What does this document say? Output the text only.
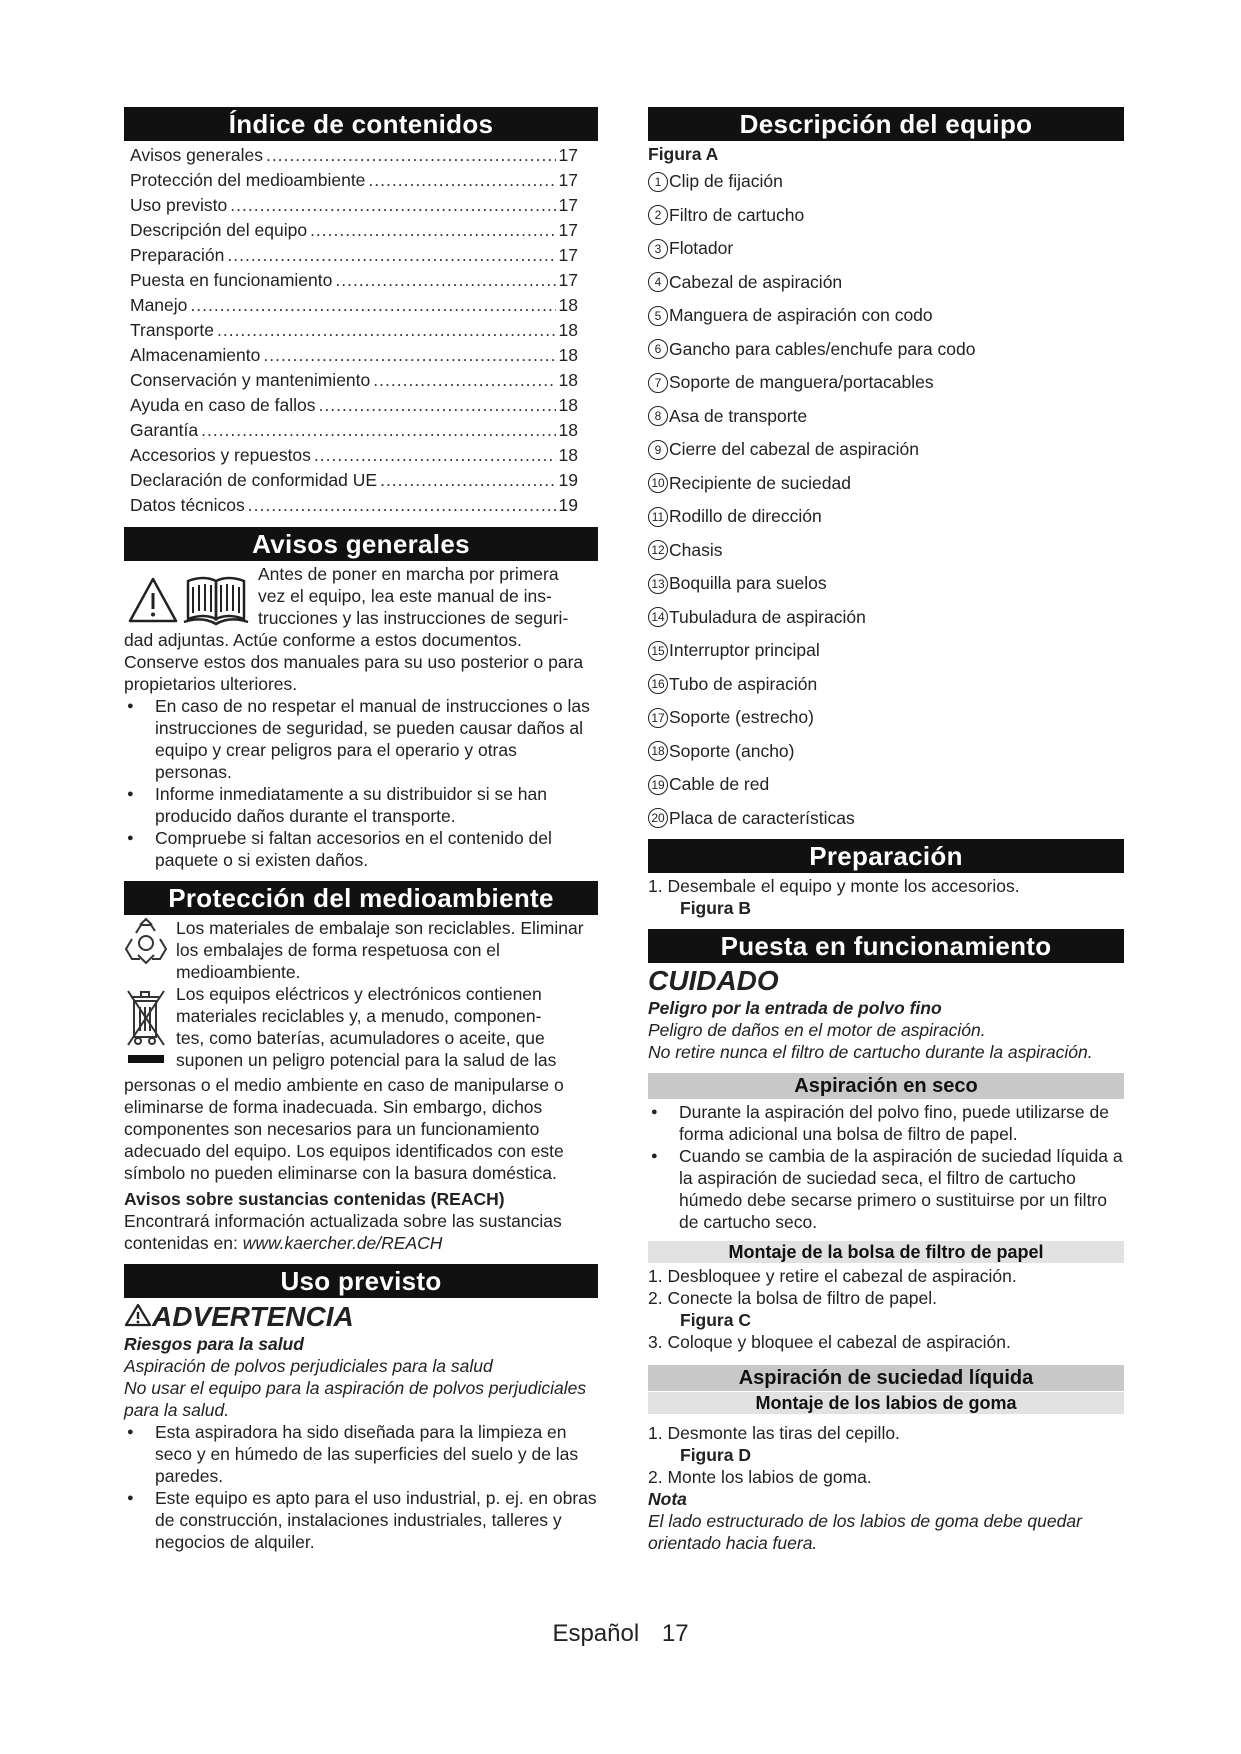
Índice de contenidos
Avisos generales .....	17
Protección del medioambiente .....	17
Uso previsto .....	17
Descripción del equipo .....	17
Preparación .....	17
Puesta en funcionamiento .....	17
Manejo .....	18
Transporte .....	18
Almacenamiento .....	18
Conservación y mantenimiento .....	18
Ayuda en caso de fallos .....	18
Garantía .....	18
Accesorios y repuestos .....	18
Declaración de conformidad UE .....	19
Datos técnicos .....	19
Avisos generales

Antes de poner en marcha por primera

vez el equipo, lea este manual de ins-

trucciones y las instrucciones de seguri-

dad adjuntas. Actúe conforme a estos documentos. Conserve estos dos manuales para su uso posterior o para propietarios ulteriores.

● En caso de no respetar el manual de instrucciones o las instrucciones de seguridad, se pueden causar daños al equipo y crear peligros para el operario y otras personas.
● Informe inmediatamente a su distribuidor si se han producido daños durante el transporte.
● Compruebe si faltan accesorios en el contenido del paquete o si existen daños.
Protección del medioambiente

Los materiales de embalaje son reciclables. Eliminar los embalajes de forma respetuosa con el medioambiente.

Los equipos eléctricos y electrónicos contienen

materiales reciclables y, a menudo, componen-

tes, como baterías, acumuladores o aceite, que

suponen un peligro potencial para la salud de las

personas o el medio ambiente en caso de manipularse o eliminarse de forma inadecuada. Sin embargo, dichos componentes son necesarios para un funcionamiento adecuado del equipo. Los equipos identificados con este símbolo no pueden eliminarse con la basura doméstica.

Avisos sobre sustancias contenidas (REACH)

Encontrará información actualizada sobre las sustancias contenidas en: www.kaercher.de/REACH

Uso previsto
ADVERTENCIA

Riesgos para la salud

Aspiración de polvos perjudiciales para la salud

No usar el equipo para la aspiración de polvos perjudiciales para la salud.

● Esta aspiradora ha sido diseñada para la limpieza en seco y en húmedo de las superficies del suelo y de las paredes.
● Este equipo es apto para el uso industrial, p. ej. en obras de construcción, instalaciones industriales, talleres y negocios de alquiler.
Descripción del equipo

Figura A

1 Clip de fijación
2 Filtro de cartucho
3 Flotador
4 Cabezal de aspiración
5 Manguera de aspiración con codo
6 Gancho para cables/enchufe para codo
7 Soporte de manguera/portacables
8 Asa de transporte
9 Cierre del cabezal de aspiración
10 Recipiente de suciedad
11 Rodillo de dirección
12 Chasis
13 Boquilla para suelos
14 Tubuladura de aspiración
15 Interruptor principal
16 Tubo de aspiración
17 Soporte (estrecho)
18 Soporte (ancho)
19 Cable de red
20 Placa de características
Preparación

1. Desembale el equipo y monte los accesorios.

Figura B

Puesta en funcionamiento
CUIDADO

Peligro por la entrada de polvo fino

Peligro de daños en el motor de aspiración.

No retire nunca el filtro de cartucho durante la aspiración.

Aspiración en seco
● Durante la aspiración del polvo fino, puede utilizarse de forma adicional una bolsa de filtro de papel.
● Cuando se cambia de la aspiración de suciedad líquida a la aspiración de suciedad seca, el filtro de cartucho húmedo debe secarse primero o sustituirse por un filtro de cartucho seco.
Montaje de la bolsa de filtro de papel
1. Desbloquee y retire el cabezal de aspiración.
2. Conecte la bolsa de filtro de papel.
Figura C
3. Coloque y bloquee el cabezal de aspiración.
Aspiración de suciedad líquida
Montaje de los labios de goma
1. Desmonte las tiras del cepillo.
Figura D
2. Monte los labios de goma.

Nota

El lado estructurado de los labios de goma debe quedar orientado hacia fuera.

Español 17
